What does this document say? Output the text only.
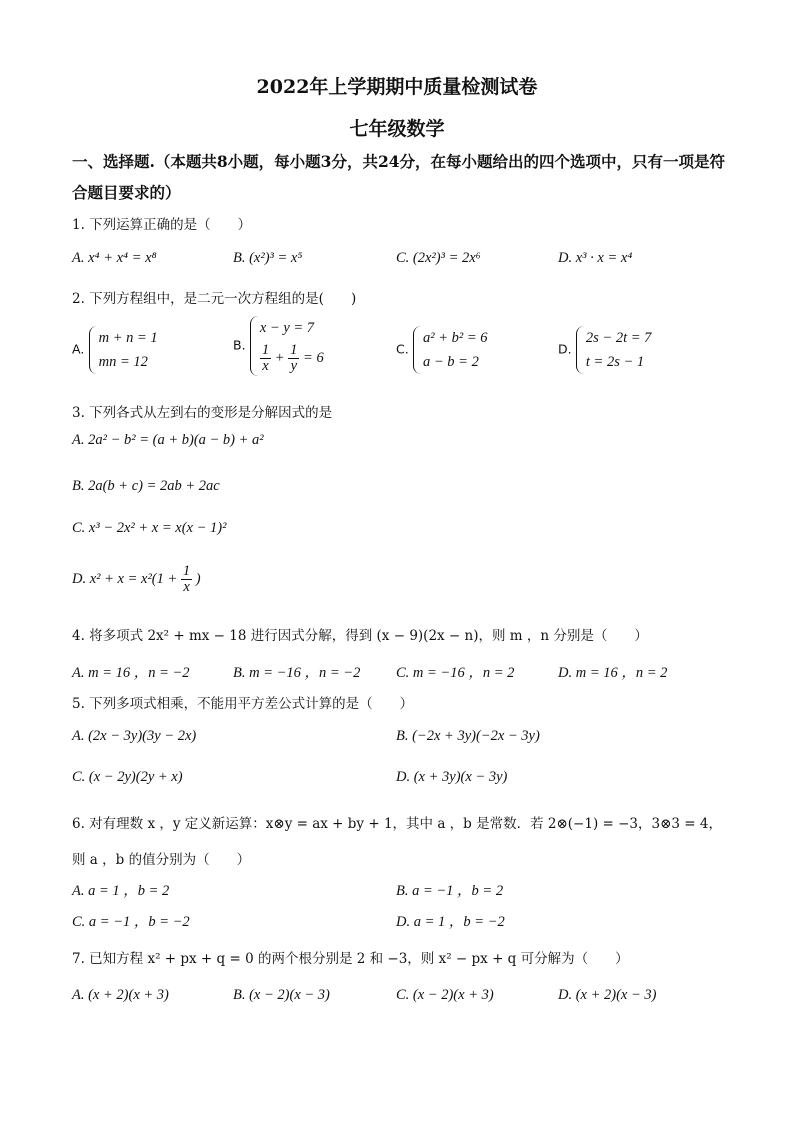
2022年上学期期中质量检测试卷
七年级数学
一、选择题.（本题共8小题，每小题3分，共24分，在每小题给出的四个选项中，只有一项是符合题目要求的）
1. 下列运算正确的是（　　）
A. x⁴ + x⁴ = x⁸	B. (x²)³ = x⁵	C. (2x²)³ = 2x⁶	D. x³ · x = x⁴
2. 下列方程组中，是二元一次方程组的是(　　)
A.
m + n = 1
mn = 12
B.
x − y = 7
$\frac{1}{x} + \frac{1}{y} = 6$
C.
a² + b² = 6
a − b = 2
D.
2s − 2t = 7
t = 2s − 1
3. 下列各式从左到右的变形是分解因式的是
A. 2a² − b² = (a + b)(a − b) + a²
B. 2a(b + c) = 2ab + 2ac
C. x³ − 2x² + x = x(x − 1)²
D. $x^2 + x = x^2(1 + \frac{1}{x}$ )
4. 将多项式 2x² + mx − 18 进行因式分解，得到 (x − 9)(2x − n)，则 m ，n 分别是（　　）
A. m = 16 ，n = −2	B. m = −16 ，n = −2 C. m = −16 ，n = 2	D. m = 16 ，n = 2
5. 下列多项式相乘，不能用平方差公式计算的是（　　）
A. (2x − 3y)(3y − 2x)	B. (−2x + 3y)(−2x − 3y)
C. (x − 2y)(2y + x)	D. (x + 3y)(x − 3y)
6. 对有理数 x ，y 定义新运算：x⊗y = ax + by + 1，其中 a ，b 是常数．若 2⊗(−1) = −3，3⊗3 = 4，
则 a ，b 的值分别为（　　）
A. a = 1 ，b = 2	B. a = −1 ，b = 2
C. a = −1 ，b = −2	D. a = 1 ，b = −2
7. 已知方程 x² + px + q = 0 的两个根分别是 2 和 −3，则 x² − px + q 可分解为（　　）
A. (x + 2)(x + 3)	B. (x − 2)(x − 3)	C. (x − 2)(x + 3)	D. (x + 2)(x − 3)
